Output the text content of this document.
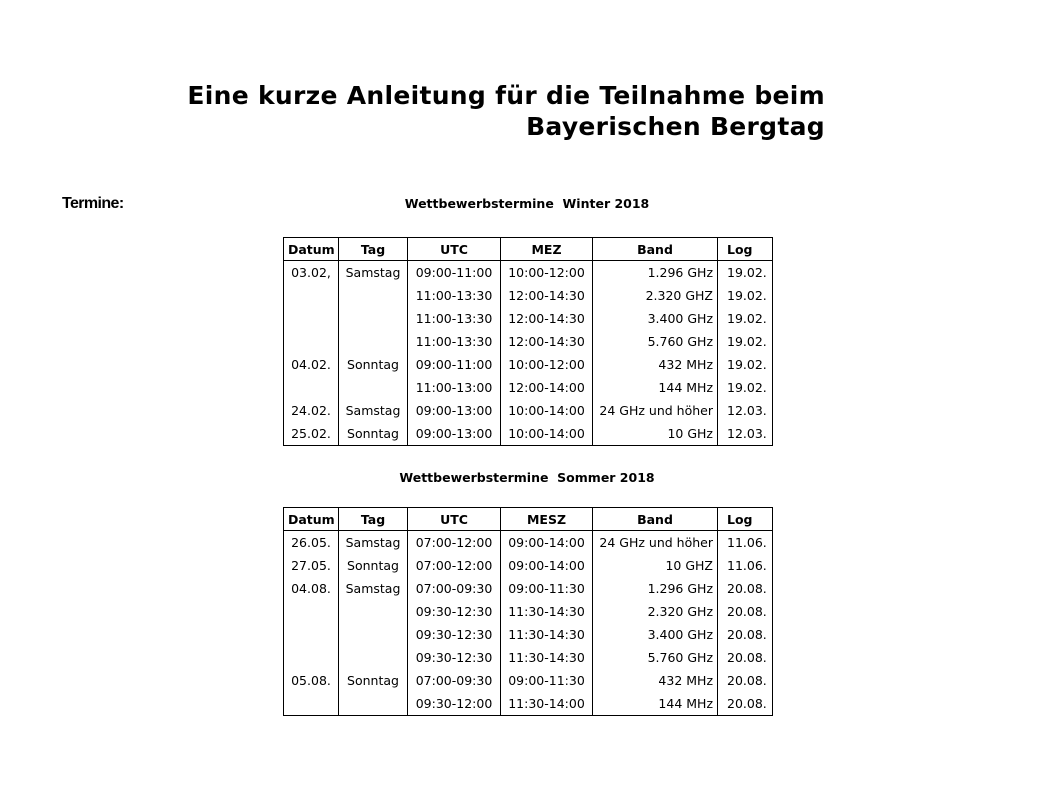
Eine kurze Anleitung für die Teilnahme beim
Bayerischen Bergtag
Termine:	Wettbewerbstermine  Winter 2018
Datum	Tag	UTC	MEZ	Band	Log
03.02,	Samstag	09:00-11:00	10:00-12:00	1.296 GHz	19.02.
		11:00-13:30	12:00-14:30	2.320 GHZ	19.02.
		11:00-13:30	12:00-14:30	3.400 GHz	19.02.
		11:00-13:30	12:00-14:30	5.760 GHz	19.02.
04.02.	Sonntag	09:00-11:00	10:00-12:00	432 MHz	19.02.
		11:00-13:00	12:00-14:00	144 MHz	19.02.
24.02.	Samstag	09:00-13:00	10:00-14:00	24 GHz und höher	12.03.
25.02.	Sonntag	09:00-13:00	10:00-14:00	10 GHz	12.03.
Wettbewerbstermine  Sommer 2018
Datum	Tag	UTC	MESZ	Band	Log
26.05.	Samstag	07:00-12:00	09:00-14:00	24 GHz und höher	11.06.
27.05.	Sonntag	07:00-12:00	09:00-14:00	10 GHZ	11.06.
04.08.	Samstag	07:00-09:30	09:00-11:30	1.296 GHz	20.08.
		09:30-12:30	11:30-14:30	2.320 GHz	20.08.
		09:30-12:30	11:30-14:30	3.400 GHz	20.08.
		09:30-12:30	11:30-14:30	5.760 GHz	20.08.
05.08.	Sonntag	07:00-09:30	09:00-11:30	432 MHz	20.08.
		09:30-12:00	11:30-14:00	144 MHz	20.08.
